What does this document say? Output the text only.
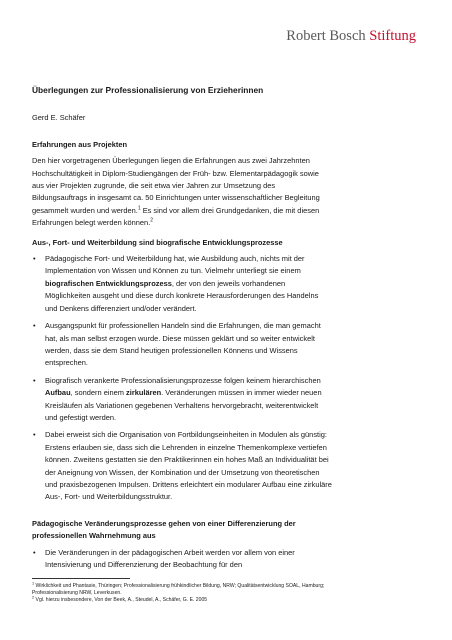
Robert Bosch Stiftung

Überlegungen zur Professionalisierung von Erzieherinnen

Gerd E. Schäfer

Erfahrungen aus Projekten

Den hier vorgetragenen Überlegungen liegen die Erfahrungen aus zwei Jahrzehnten Hochschultätigkeit in Diplom-Studiengängen der Früh- bzw. Elementarpädagogik sowie aus vier Projekten zugrunde, die seit etwa vier Jahren zur Umsetzung des Bildungsauftrags in insgesamt ca. 50 Einrichtungen unter wissenschaftlicher Begleitung gesammelt wurden und werden.$^1$ Es sind vor allem drei Grundgedanken, die mit diesen Erfahrungen belegt werden können.$^2$

Aus-, Fort- und Weiterbildung sind biografische Entwicklungsprozesse

• Pädagogische Fort- und Weiterbildung hat, wie Ausbildung auch, nichts mit der Implementation von Wissen und Können zu tun. Vielmehr unterliegt sie einem biografischen Entwicklungsprozess, der von den jeweils vorhandenen Möglichkeiten ausgeht und diese durch konkrete Herausforderungen des Handelns und Denkens differenziert und/oder verändert.
• Ausgangspunkt für professionellen Handeln sind die Erfahrungen, die man gemacht hat, als man selbst erzogen wurde. Diese müssen geklärt und so weiter entwickelt werden, dass sie dem Stand heutigen professionellen Könnens und Wissens entsprechen.
• Biografisch verankerte Professionalisierungsprozesse folgen keinem hierarchischen Aufbau, sondern einem zirkulären. Veränderungen müssen in immer wieder neuen Kreisläufen als Variationen gegebenen Verhaltens hervorgebracht, weiterentwickelt und gefestigt werden.
• Dabei erweist sich die Organisation von Fortbildungseinheiten in Modulen als günstig: Erstens erlauben sie, dass sich die Lehrenden in einzelne Themenkomplexe vertiefen können. Zweitens gestatten sie den Praktikerinnen ein hohes Maß an Individualität bei der Aneignung von Wissen, der Kombination und der Umsetzung von theoretischen und praxisbezogenen Impulsen. Drittens erleichtert ein modularer Aufbau eine zirkuläre Aus-, Fort- und Weiterbildungsstruktur.

Pädagogische Veränderungsprozesse gehen von einer Differenzierung der professionellen Wahrnehmung aus

• Die Veränderungen in der pädagogischen Arbeit werden vor allem von einer Intensivierung und Differenzierung der Beobachtung für den

$^1$ Wirklichkeit und Phantasie, Thüringen; Professionalisierung frühkindlicher Bildung, NRW; Qualitätsentwicklung SOAL, Hamburg; Professionalisierung NRW, Leverkusen.

$^2$ Vgl. hierzu insbesondere, Von der Beek, A., Steudel, A., Schäfer, G. E. 2005
